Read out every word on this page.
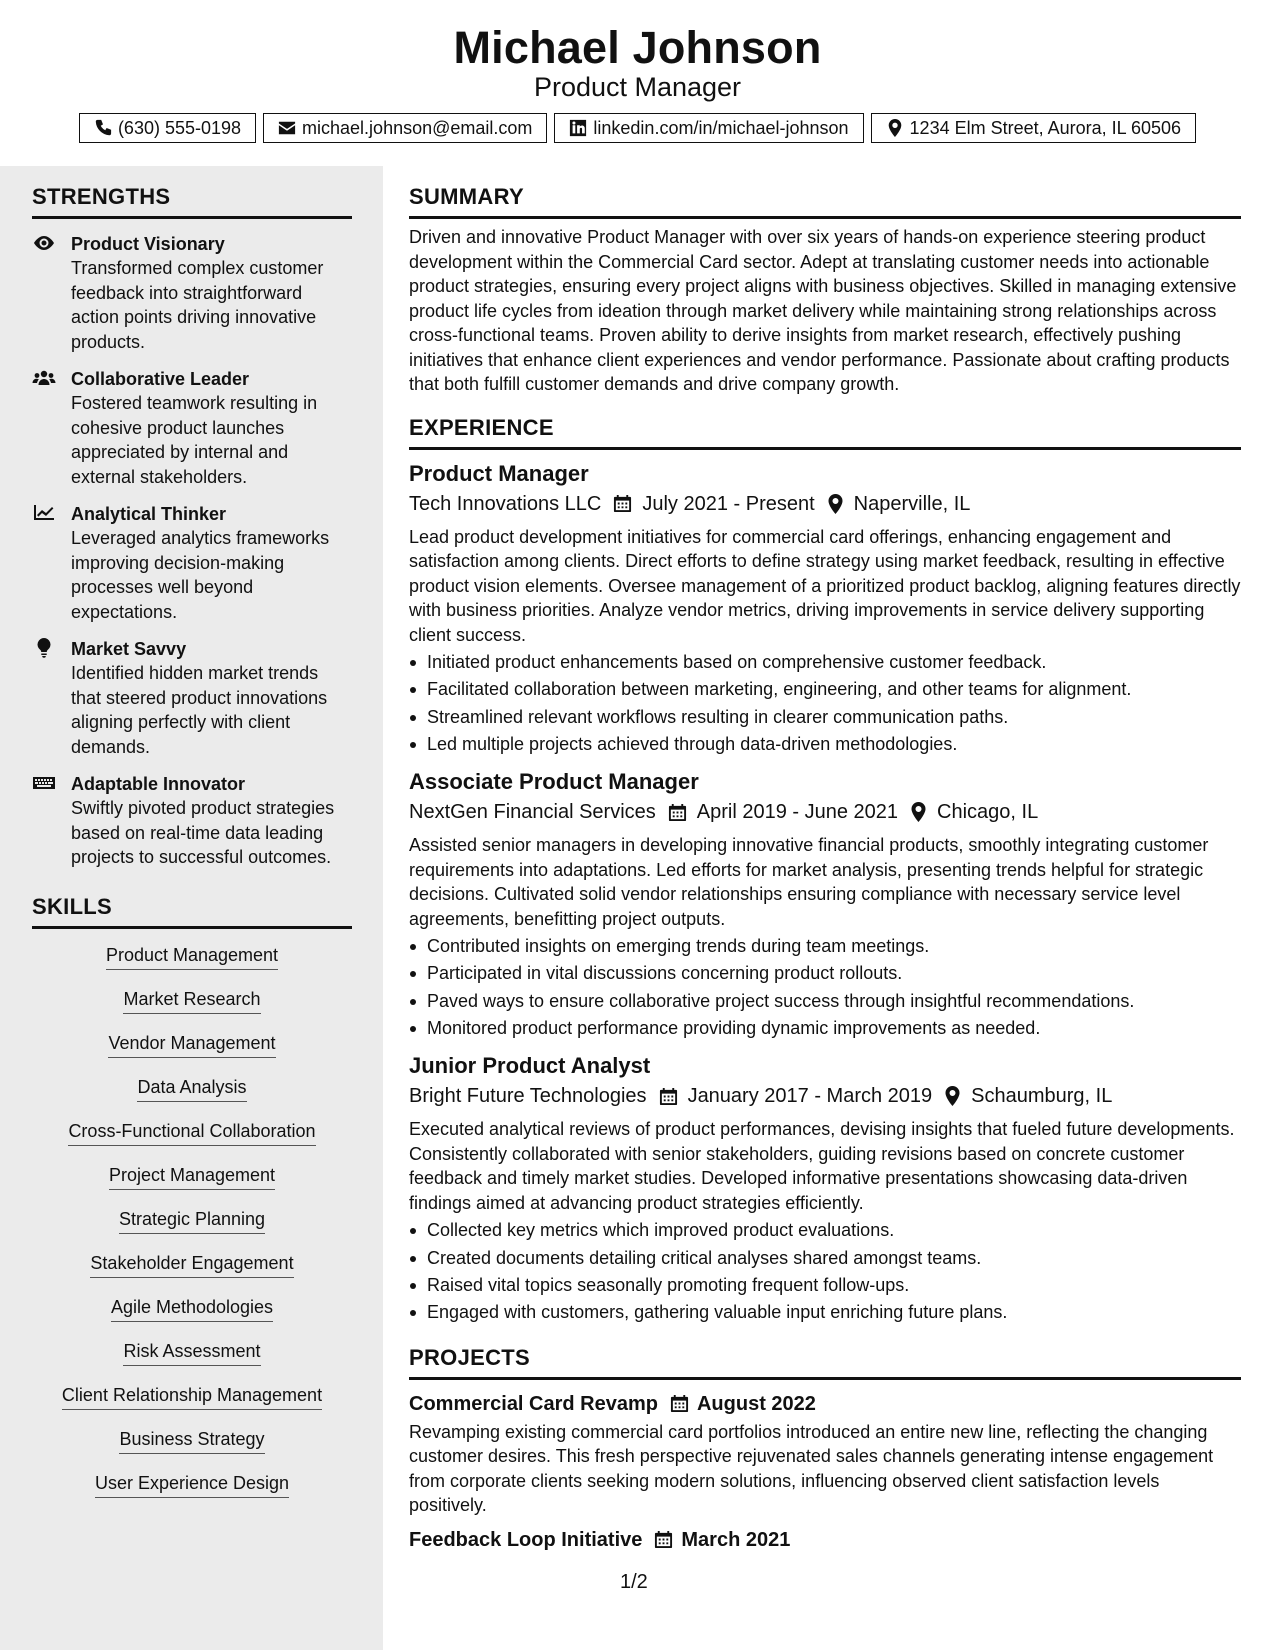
Michael Johnson
Product Manager
(630) 555-0198	michael.johnson@email.com	linkedin.com/in/michael-johnson	1234 Elm Street, Aurora, IL 60506
STRENGTHS
Product Visionary
Transformed complex customer feedback into straightforward action points driving innovative products.
Collaborative Leader
Fostered teamwork resulting in cohesive product launches appreciated by internal and external stakeholders.
Analytical Thinker
Leveraged analytics frameworks improving decision-making processes well beyond expectations.
Market Savvy
Identified hidden market trends that steered product innovations aligning perfectly with client demands.
Adaptable Innovator
Swiftly pivoted product strategies based on real-time data leading projects to successful outcomes.
SKILLS
Product Management
Market Research
Vendor Management
Data Analysis
Cross-Functional Collaboration
Project Management
Strategic Planning
Stakeholder Engagement
Agile Methodologies
Risk Assessment
Client Relationship Management
Business Strategy
User Experience Design
SUMMARY
Driven and innovative Product Manager with over six years of hands-on experience steering product development within the Commercial Card sector. Adept at translating customer needs into actionable product strategies, ensuring every project aligns with business objectives. Skilled in managing extensive product life cycles from ideation through market delivery while maintaining strong relationships across cross-functional teams. Proven ability to derive insights from market research, effectively pushing initiatives that enhance client experiences and vendor performance. Passionate about crafting products that both fulfill customer demands and drive company growth.
EXPERIENCE
Product Manager
Tech Innovations LLC July 2021 - Present Naperville, IL
Lead product development initiatives for commercial card offerings, enhancing engagement and satisfaction among clients. Direct efforts to define strategy using market feedback, resulting in effective product vision elements. Oversee management of a prioritized product backlog, aligning features directly with business priorities. Analyze vendor metrics, driving improvements in service delivery supporting client success.
Initiated product enhancements based on comprehensive customer feedback.
Facilitated collaboration between marketing, engineering, and other teams for alignment.
Streamlined relevant workflows resulting in clearer communication paths.
Led multiple projects achieved through data-driven methodologies.
Associate Product Manager
NextGen Financial Services April 2019 - June 2021 Chicago, IL
Assisted senior managers in developing innovative financial products, smoothly integrating customer requirements into adaptations. Led efforts for market analysis, presenting trends helpful for strategic decisions. Cultivated solid vendor relationships ensuring compliance with necessary service level agreements, benefitting project outputs.
Contributed insights on emerging trends during team meetings.
Participated in vital discussions concerning product rollouts.
Paved ways to ensure collaborative project success through insightful recommendations.
Monitored product performance providing dynamic improvements as needed.
Junior Product Analyst
Bright Future Technologies January 2017 - March 2019 Schaumburg, IL
Executed analytical reviews of product performances, devising insights that fueled future developments. Consistently collaborated with senior stakeholders, guiding revisions based on concrete customer feedback and timely market studies. Developed informative presentations showcasing data-driven findings aimed at advancing product strategies efficiently.
Collected key metrics which improved product evaluations.
Created documents detailing critical analyses shared amongst teams.
Raised vital topics seasonally promoting frequent follow-ups.
Engaged with customers, gathering valuable input enriching future plans.
PROJECTS
Commercial Card Revamp August 2022
Revamping existing commercial card portfolios introduced an entire new line, reflecting the changing customer desires. This fresh perspective rejuvenated sales channels generating intense engagement from corporate clients seeking modern solutions, influencing observed client satisfaction levels positively.
Feedback Loop Initiative March 2021
1/2
